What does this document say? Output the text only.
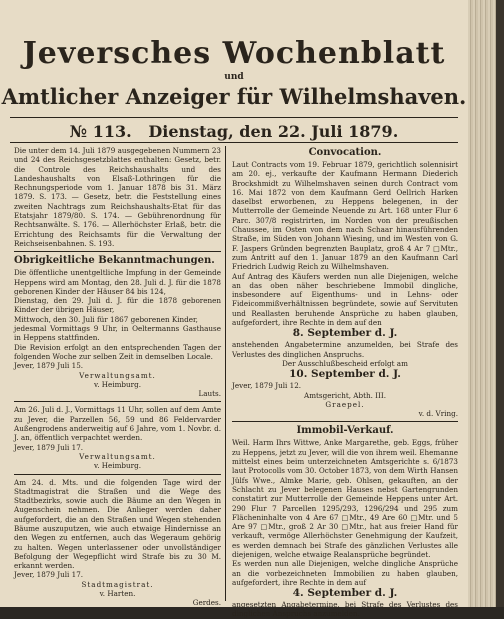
Jeversches Wochenblatt
und
Amtlicher Anzeiger für Wilhelmshaven.
№ 113. Dienstag, den 22. Juli 1879.

Die unter dem 14. Juli 1879 ausgegebenen Nummern 23 und 24 des Reichsgesetzblattes enthalten: Gesetz, betr. die Controle des Reichshaushalts und des Landeshaushalts von Elsaß-Lothringen für die Rechnungsperiode vom 1. Januar 1878 bis 31. März 1879. S. 173. — Gesetz, betr. die Feststellung eines zweiten Nachtrags zum Reichshaushalts-Etat für das Etatsjahr 1879/80. S. 174. — Gebührenordnung für Rechtsanwälte. S. 176. — Allerhöchster Erlaß, betr. die Errichtung des Reichsamts für die Verwaltung der Reichseisenbahnen. S. 193.

Obrigkeitliche Bekanntmachungen.

Die öffentliche unentgeltliche Impfung in der Gemeinde Heppens wird am Montag, den 28. Juli d. J. für die 1878 geborenen Kinder der Häuser 84 bis 124,

Dienstag, den 29. Juli d. J. für die 1878 geborenen Kinder der übrigen Häuser,

Mittwoch, den 30. Juli für 1867 geborenen Kinder,

jedesmal Vormittags 9 Uhr, in Oeltermanns Gasthause in Heppens stattfinden.

Die Revision erfolgt an den entsprechenden Tagen der folgenden Woche zur selben Zeit in demselben Locale.

Jever, 1879 Juli 15.

Verwaltungsamt.

v. Heimburg.

Lauts.

Am 26. Juli d. J., Vormittags 11 Uhr, sollen auf dem Amte zu Jever, die Parzellen 56, 59 und 86 Feldervarder Außengrodens anderweitig auf 6 Jahre, vom 1. Novbr. d. J. an, öffentlich verpachtet werden.

Jever, 1879 Juli 17.

Verwaltungsamt.

v. Heimburg.

Am 24. d. Mts. und die folgenden Tage wird der Stadtmagistrat die Straßen und die Wege des Stadtbezirks, sowie auch die Bäume an den Wegen in Augenschein nehmen. Die Anlieger werden daher aufgefordert, die an den Straßen und Wegen stehenden Bäume auszuputzen, wie auch etwaige Hindernisse an den Wegen zu entfernen, auch das Wegeraum gehörig zu halten. Wegen unterlassener oder unvollständiger Befolgung der Wegepflicht wird Strafe bis zu 30 M. erkannt werden.

Jever, 1879 Juli 17.

Stadtmagistrat.

v. Harten.

Gerdes.

Convocation.

Laut Contracts vom 19. Februar 1879, gerichtlich solennisirt am 20. ej., verkaufte der Kaufmann Hermann Diederich Brockshmidt zu Wilhelmshaven seinen durch Contract vom 16. Mai 1872 von dem Kaufmann Gerd Oellrich Harken daselbst erworbenen, zu Heppens belegenen, in der Mutterrolle der Gemeinde Neuende zu Art. 168 unter Flur 6 Parc. 307/8 registrirten, im Norden von der preußischen Chaussee, im Osten von dem nach Schaar hinausführenden Straße, im Süden von Johann Wiesing, und im Westen von G. F. Jaspers Gründen begrenzten Bauplatz, groß 4 Ar 7 □Mtr., zum Antritt auf den 1. Januar 1879 an den Kaufmann Carl Friedrich Ludwig Reich zu Wilhelmshaven.

Auf Antrag des Käufers werden nun alle Diejenigen, welche an das oben näher beschriebene Immobil dingliche, insbesondere auf Eigenthums- und in Lehns- oder Fideicommißverhältnissen begründete, sowie auf Servituten und Reallasten beruhende Ansprüche zu haben glauben, aufgefordert, ihre Rechte in dem auf den

8. September d. J.

anstehenden Angabetermine anzumelden, bei Strafe des Verlustes des dinglichen Anspruchs.

Der Ausschlußbescheid erfolgt am

10. September d. J.

Jever, 1879 Juli 12.

Amtsgericht, Abth. III.

Graepel.

v. d. Vring.

Immobil-Verkauf.

Weil. Harm Ihrs Wittwe, Anke Margarethe, geb. Eggs, früher zu Heppens, jetzt zu Jever, will die von ihrem weil. Ehemanne mittelst eines beim unterzeichneten Amtsgerichte s. 6/1873 laut Protocolls vom 30. October 1873, von dem Wirth Hansen Jülfs Wwe., Almke Marie, geb. Ohlsen, gekauften, an der Schlacht zu Jever belegenen Hauses nebst Gartengrunden constatirt zur Mutterrolle der Gemeinde Heppens unter Art. 290 Flur 7 Parcellen 1295/293, 1296/294 und 295 zum Flächeninhalte von 4 Are 67 □Mtr., 49 Are 60 □Mtr. und 5 Are 97 □Mtr., groß 2 Ar 30 □Mtr., hat aus freier Hand für verkauft, vermöge Allerhöchster Genehmigung der Kaufzeit, es werden demnach bei Strafe des gänzlichen Verlustes alle diejenigen, welche etwaige Realansprüche begründet.

Es werden nun alle Diejenigen, welche dingliche Ansprüche an die vorbezeichneten Immobilien zu haben glauben, aufgefordert, ihre Rechte in dem auf

4. September d. J.

angesetzten Angabetermine, bei Strafe des Verlustes des dinglichen Anspruchs anzumelden.
